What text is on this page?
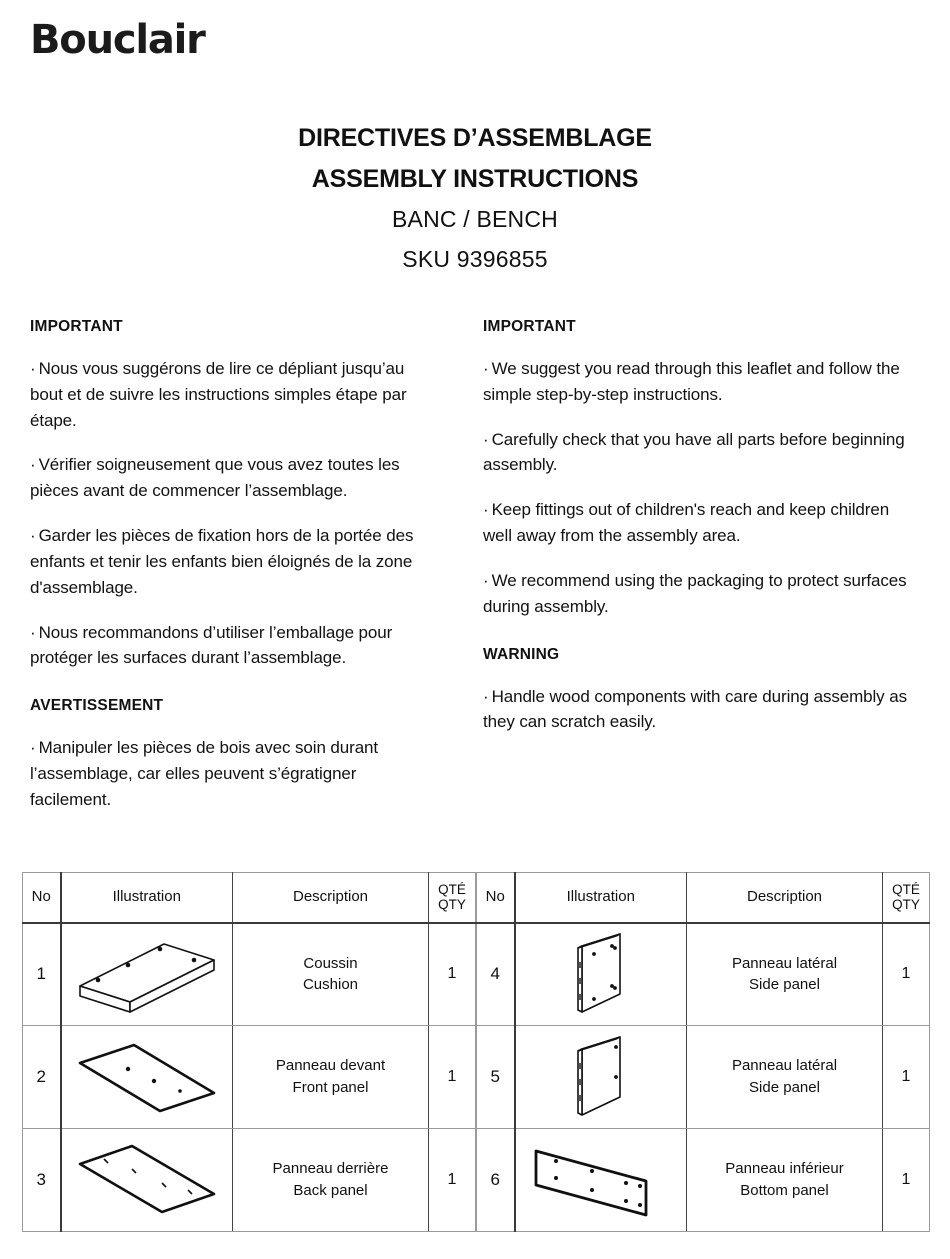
Bouclair
DIRECTIVES D’ASSEMBLAGE
ASSEMBLY INSTRUCTIONS
BANC / BENCH
SKU 9396855
IMPORTANT

· Nous vous suggérons de lire ce dépliant jusqu’au bout et de suivre les instructions simples étape par étape.

· Vérifier soigneusement que vous avez toutes les pièces avant de commencer l’assemblage.

· Garder les pièces de fixation hors de la portée des enfants et tenir les enfants bien éloignés de la zone d'assemblage.

· Nous recommandons d’utiliser l’emballage pour protéger les surfaces durant l’assemblage.

AVERTISSEMENT

· Manipuler les pièces de bois avec soin durant l’assemblage, car elles peuvent s’égratigner facilement.

IMPORTANT

· We suggest you read through this leaflet and follow the simple step-by-step instructions.

· Carefully check that you have all parts before beginning assembly.

· Keep fittings out of children's reach and keep children well away from the assembly area.

· We recommend using the packaging to protect surfaces during assembly.

WARNING

· Handle wood components with care during assembly as they can scratch easily.

No	Illustration	Description	QTÉ
QTY
1		Coussin
Cushion	1
2		Panneau devant
Front panel	1
3		Panneau derrière
Back panel	1
No	Illustration	Description	QTÉ
QTY
4		Panneau latéral
Side panel	1
5		Panneau latéral
Side panel	1
6		Panneau inférieur
Bottom panel	1
